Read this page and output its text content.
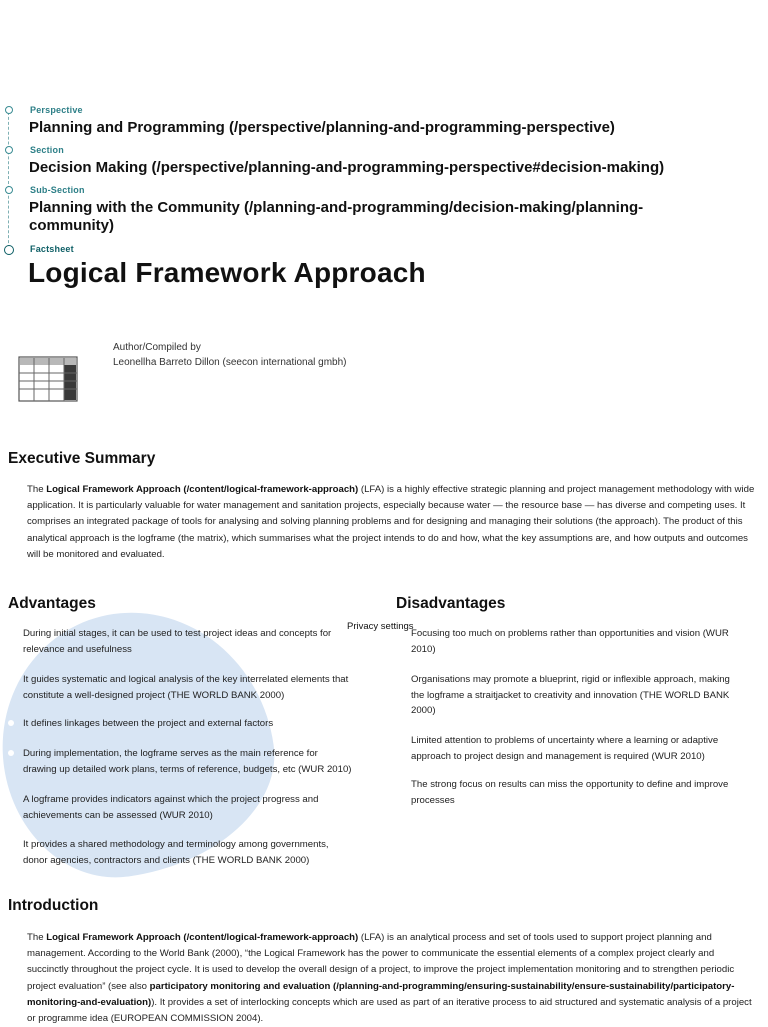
Perspective
Planning and Programming (/perspective/planning-and-programming-perspective)
Section
Decision Making (/perspective/planning-and-programming-perspective#decision-making)
Sub-Section
Planning with the Community (/planning-and-programming/decision-making/planning-
community)
Factsheet
Logical Framework Approach
Author/Compiled by
Leonellha Barreto Dillon (seecon international gmbh)
Executive Summary

The Logical Framework Approach (/content/logical-framework-approach) (LFA) is a highly effective strategic planning and project management methodology with wide application. It is particularly valuable for water management and sanitation projects, especially because water — the resource base — has diverse and competing uses. It comprises an integrated package of tools for analysing and solving planning problems and for designing and managing their solutions (the approach). The product of this analytical approach is the logframe (the matrix), which summarises what the project intends to do and how, what the key assumptions are, and how outputs and outcomes will be monitored and evaluated.

Advantages
During initial stages, it can be used to test project ideas and concepts for
relevance and usefulness
It guides systematic and logical analysis of the key interrelated elements that
constitute a well-designed project (THE WORLD BANK 2000)
It defines linkages between the project and external factors
During implementation, the logframe serves as the main reference for
drawing up detailed work plans, terms of reference, budgets, etc (WUR 2010)
A logframe provides indicators against which the project progress and
achievements can be assessed (WUR 2010)
It provides a shared methodology and terminology among governments,
donor agencies, contractors and clients (THE WORLD BANK 2000)
Disadvantages
Focusing too much on problems rather than opportunities and vision (WUR
2010)
Organisations may promote a blueprint, rigid or inflexible approach, making
the logframe a straitjacket to creativity and innovation (THE WORLD BANK
2000)
Limited attention to problems of uncertainty where a learning or adaptive
approach to project design and management is required (WUR 2010)
The strong focus on results can miss the opportunity to define and improve
processes
Privacy settings
Introduction

The Logical Framework Approach (/content/logical-framework-approach) (LFA) is an analytical process and set of tools used to support project planning and management. According to the World Bank (2000), “the Logical Framework has the power to communicate the essential elements of a complex project clearly and succinctly throughout the project cycle. It is used to develop the overall design of a project, to improve the project implementation monitoring and to strengthen periodic project evaluation” (see also participatory monitoring and evaluation (/planning-and-programming/ensuring-sustainability/ensure-sustainability/participatory-monitoring-and-evaluation)). It provides a set of interlocking concepts which are used as part of an iterative process to aid structured and systematic analysis of a project or programme idea (EUROPEAN COMMISSION 2004).
